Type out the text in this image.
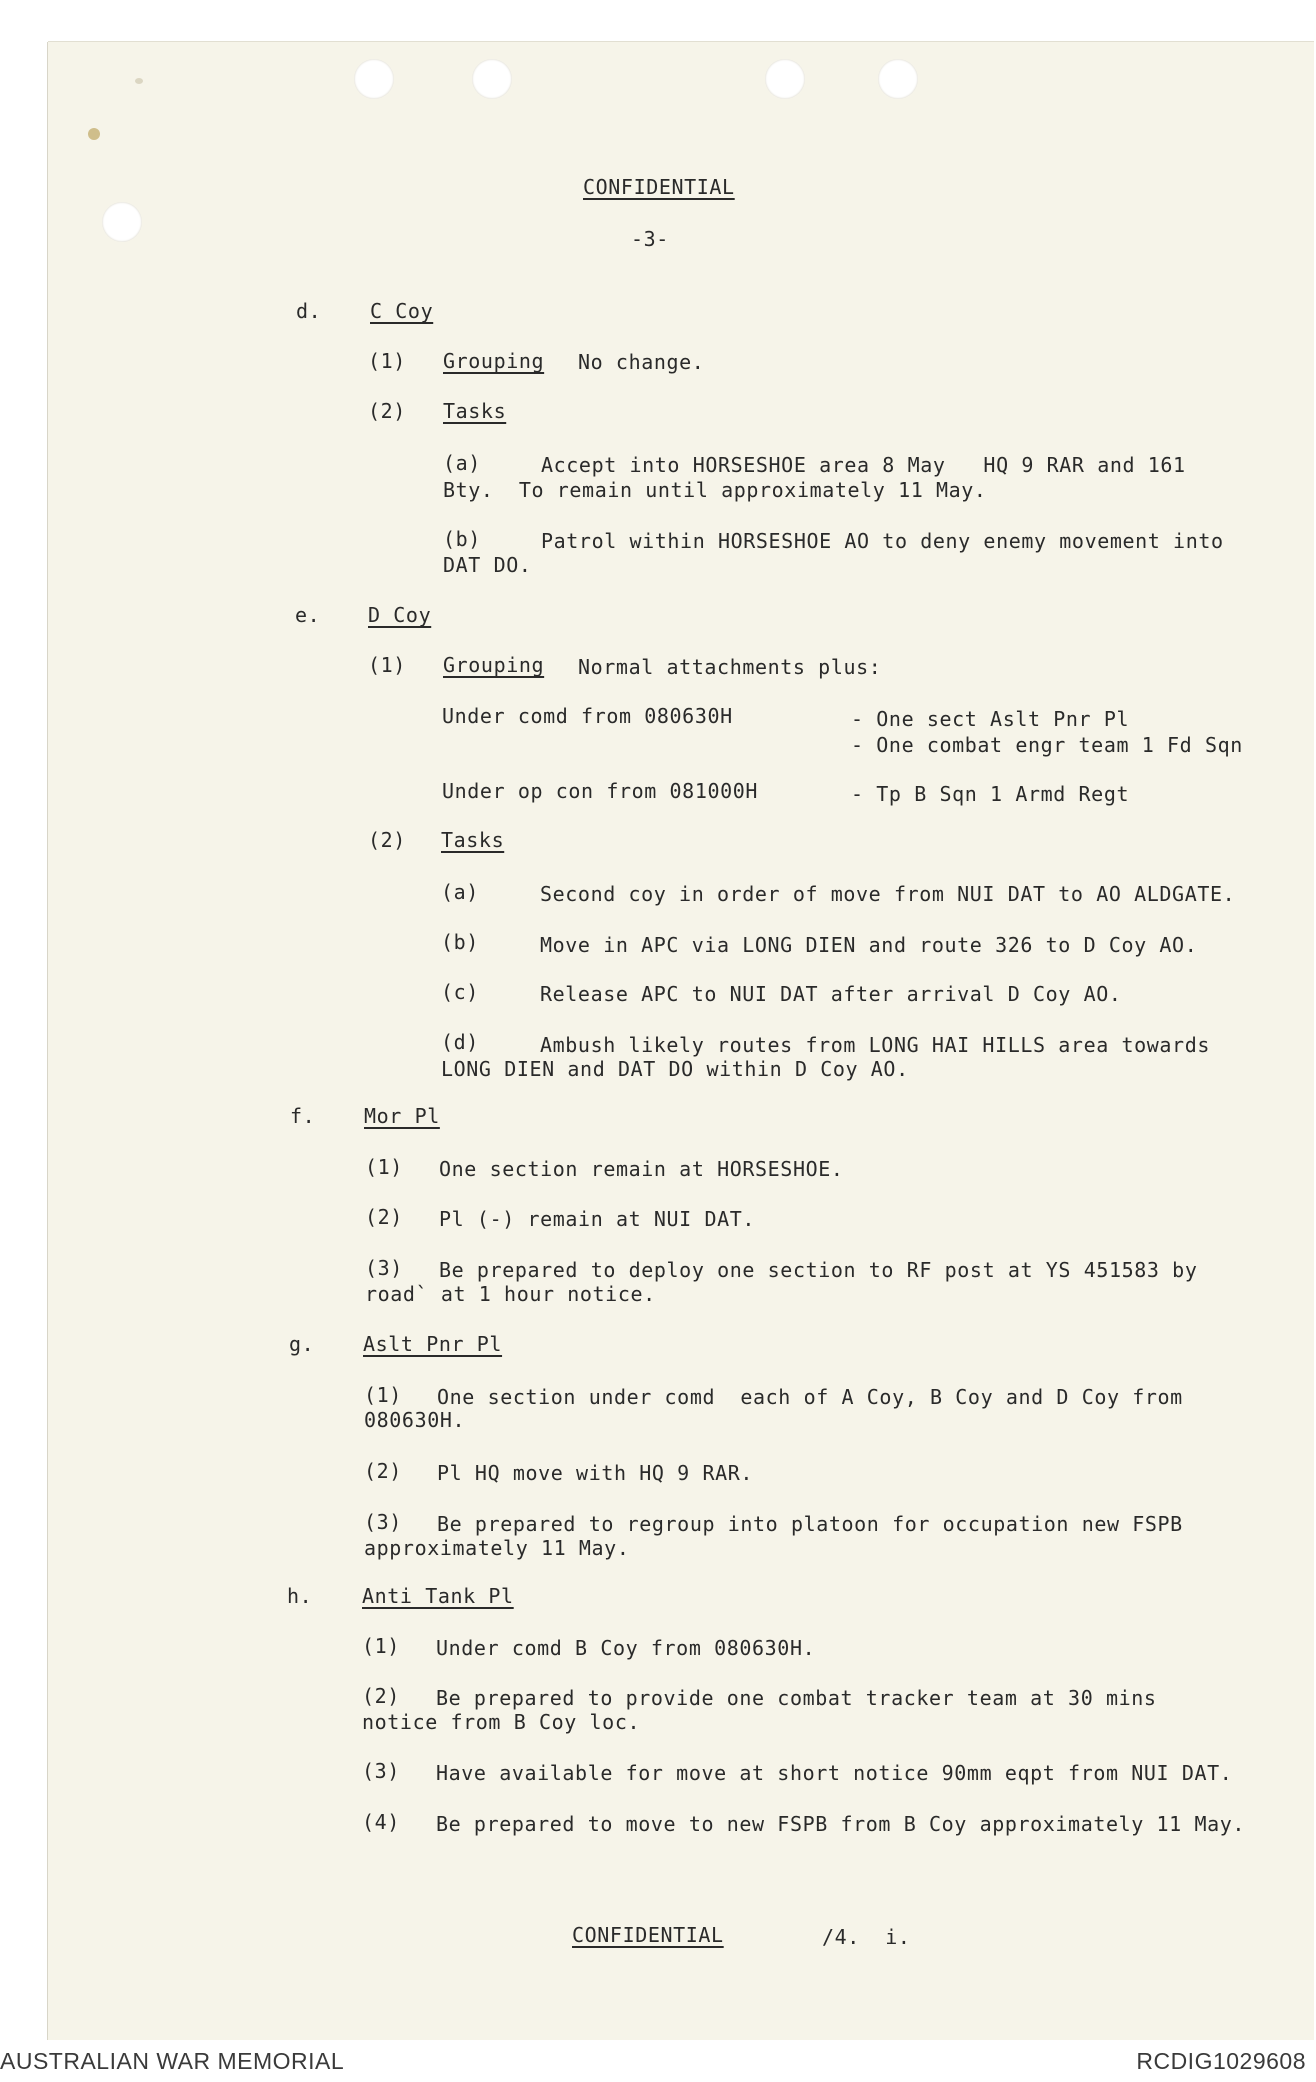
CONFIDENTIAL
-3-
d. C Coy
(1) Grouping No change.
(2) Tasks
(a)	Accept into HORSESHOE area 8 May   HQ 9 RAR and 161
Bty.  To remain until approximately 11 May.
(b)	Patrol within HORSESHOE AO to deny enemy movement into
DAT DO.
e. D Coy
(1) Grouping Normal attachments plus:
Under comd from 080630H	- One sect Aslt Pnr Pl
- One combat engr team 1 Fd Sqn
Under op con from 081000H	- Tp B Sqn 1 Armd Regt
(2) Tasks
(a)	Second coy in order of move from NUI DAT to AO ALDGATE.
(b)	Move in APC via LONG DIEN and route 326 to D Coy AO.
(c)	Release APC to NUI DAT after arrival D Coy AO.
(d)	Ambush likely routes from LONG HAI HILLS area towards
LONG DIEN and DAT DO within D Coy AO.
f. Mor Pl
(1) One section remain at HORSESHOE.
(2) Pl (-) remain at NUI DAT.
(3) Be prepared to deploy one section to RF post at YS 451583 by
road` at 1 hour notice.
g. Aslt Pnr Pl
(1) One section under comd  each of A Coy, B Coy and D Coy from
080630H.
(2) Pl HQ move with HQ 9 RAR.
(3) Be prepared to regroup into platoon for occupation new FSPB
approximately 11 May.
h. Anti Tank Pl
(1) Under comd B Coy from 080630H.
(2) Be prepared to provide one combat tracker team at 30 mins
notice from B Coy loc.
(3) Have available for move at short notice 90mm eqpt from NUI DAT.
(4) Be prepared to move to new FSPB from B Coy approximately 11 May.
CONFIDENTIAL	/4.  i.
AUSTRALIAN WAR MEMORIAL	RCDIG1029608
